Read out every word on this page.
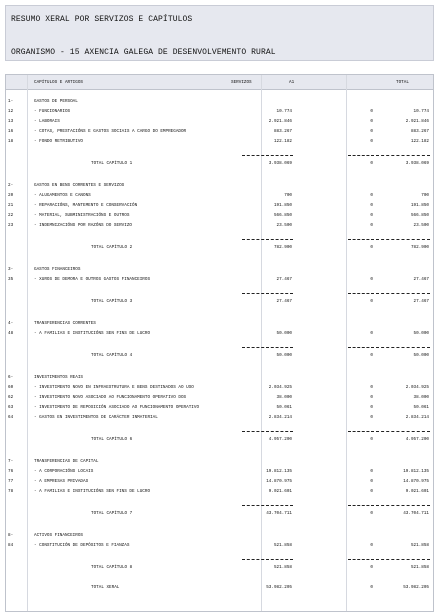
RESUMO XERAL POR SERVIZOS E CAPÍTULOS
ORGANISMO - 15 AXENCIA GALEGA DE DESENVOLVEMENTO RURAL
CAPÍTULOS E ARTIGOS	SERVIZOS	A1	TOTAL
1-	GASTOS DE PERSOAL
12	- FUNCIONARIOS	10.774	0	10.774
13	- LABORAIS	2.921.846	0	2.921.846
16	- COTAS, PRESTACIÓNS E GASTOS SOCIAIS A CARGO DO EMPREGADOR	883.267	0	883.267
18	- FONDO RETRIBUTIVO	122.182	0	122.182
TOTAL CAPÍTULO 1	3.938.069	0	3.938.069
2-	GASTOS EN BENS CORRENTES E SERVIZOS
20	- ALUGAMENTOS E CANONS	700	0	700
21	- REPARACIÓNS, MANTEMENTO E CONSERVACIÓN	191.850	0	191.850
22	- MATERIAL, SUBMINISTRACIÓNS E OUTROS	566.850	0	566.850
23	- INDEMNIZACIÓNS POR RAZÓNS DO SERVIZO	23.500	0	23.500
TOTAL CAPÍTULO 2	782.900	0	782.900
3-	GASTOS FINANCEIROS
35	- XUROS DE DEMORA E OUTROS GASTOS FINANCEIROS	27.467	0	27.467
TOTAL CAPÍTULO 3	27.467	0	27.467
4-	TRANSFERENCIAS CORRENTES
48	- A FAMILIAS E INSTITUCIÓNS SEN FINS DE LUCRO	50.000	0	50.000
TOTAL CAPÍTULO 4	50.000	0	50.000
6-	INVESTIMENTOS REAIS
60	- INVESTIMENTO NOVO EN INFRAESTRUTURA E BENS DESTINADOS AO USO	2.034.925	0	2.034.925
62	- INVESTIMENTO NOVO ASOCIADO AO FUNCIONAMENTO OPERATIVO DOS	38.000	0	38.000
63	- INVESTIMENTO DE REPOSICIÓN ASOCIADO AO FUNCIONAMENTO OPERATIVO	50.061	0	50.061
64	- GASTOS EN INVESTIMENTOS DE CARÁCTER INMATERIAL	2.834.214	0	2.834.214
TOTAL CAPÍTULO 6	4.957.200	0	4.957.200
7-	TRANSFERENCIAS DE CAPITAL
76	- A CORPORACIÓNS LOCAIS	19.812.135	0	19.812.135
77	- A EMPRESAS PRIVADAS	14.870.975	0	14.870.975
78	- A FAMILIAS E INSTITUCIÓNS SEN FINS DE LUCRO	9.021.601	0	9.021.601
TOTAL CAPÍTULO 7	43.704.711	0	43.704.711
8-	ACTIVOS FINANCEIROS
84	- CONSTITUCIÓN DE DEPÓSITOS E FIANZAS	521.858	0	521.858
TOTAL CAPÍTULO 8	521.858	0	521.858
TOTAL XERAL	53.982.205	0	53.982.205
